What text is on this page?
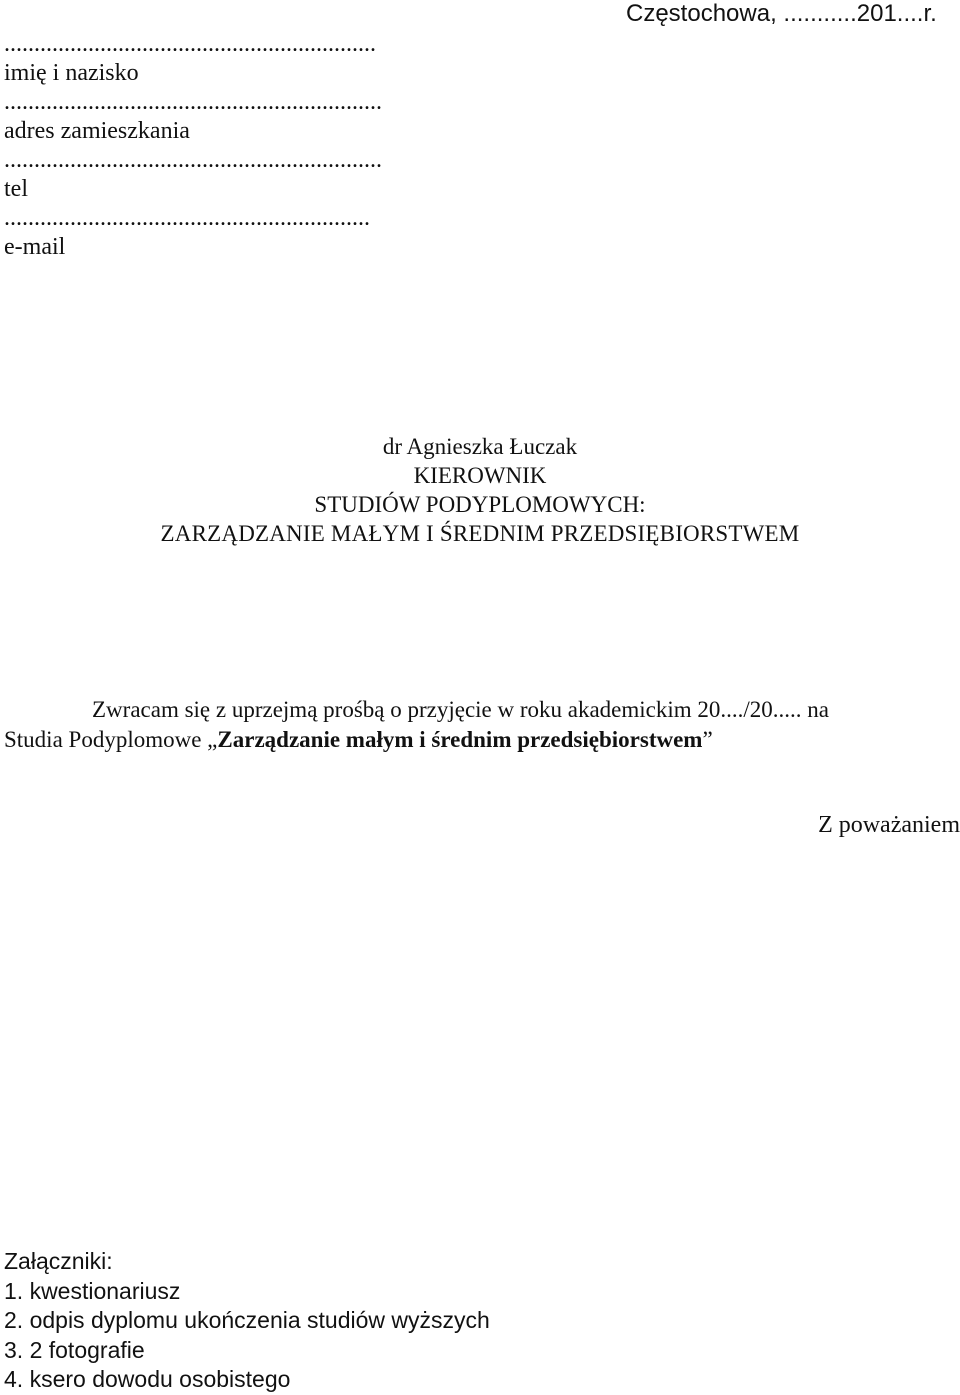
Częstochowa, ...........201....r.
..............................................................
imię i nazisko
...............................................................
adres zamieszkania
...............................................................
tel
.............................................................
e-mail
dr Agnieszka Łuczak
KIEROWNIK
STUDIÓW PODYPLOMOWYCH:
ZARZĄDZANIE MAŁYM I ŚREDNIM PRZEDSIĘBIORSTWEM
Zwracam się z uprzejmą prośbą o przyjęcie w roku akademickim 20..../20..... na
Studia Podyplomowe „Zarządzanie małym i średnim przedsiębiorstwem”
Z poważaniem
Załączniki:
1. kwestionariusz
2. odpis dyplomu ukończenia studiów wyższych
3. 2 fotografie
4. ksero dowodu osobistego
